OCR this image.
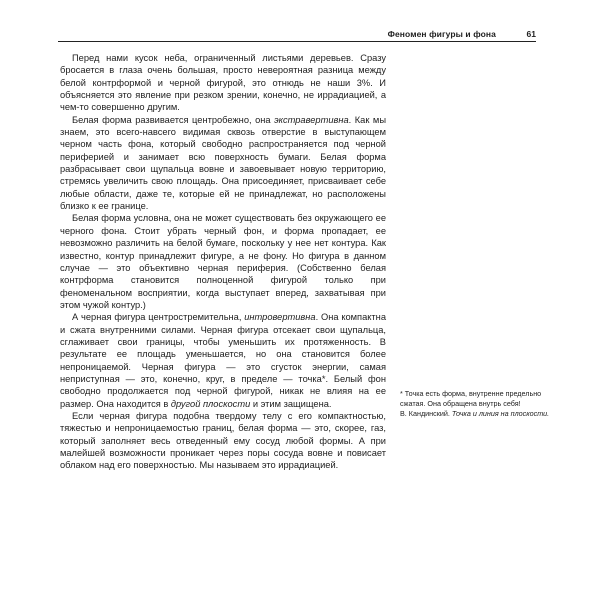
Феномен фигуры и фона	61

Перед нами кусок неба, ограниченный листьями деревьев. Сразу бросается в глаза очень большая, просто невероятная разница между белой контрформой и черной фигурой, это отнюдь не наши 3%. И объясняется это явление при резком зрении, конечно, не иррадиацией, а чем-то совершенно другим.

Белая форма развивается центробежно, она экстравертивна. Как мы знаем, это всего-навсего видимая сквозь отверстие в выступающем черном часть фона, который свободно распространяется под черной периферией и занимает всю поверхность бумаги. Белая форма разбрасывает свои щупальца вовне и завоевывает новую территорию, стремясь увеличить свою площадь. Она присоединяет, присваивает себе любые области, даже те, которые ей не принадлежат, но расположены близко к ее границе.

Белая форма условна, она не может существовать без окружающего ее черного фона. Стоит убрать черный фон, и форма пропадает, ее невозможно различить на белой бумаге, поскольку у нее нет контура. Как известно, контур принадлежит фигуре, а не фону. Но фигура в данном случае — это объективно черная периферия. (Собственно белая контрформа становится полноценной фигурой только при феноменальном восприятии, когда выступает вперед, захватывая при этом чужой контур.)

А черная фигура центростремительна, интровертивна. Она компактна и сжата внутренними силами. Черная фигура отсекает свои щупальца, сглаживает свои границы, чтобы уменьшить их протяженность. В результате ее площадь уменьшается, но она становится более непроницаемой. Черная фигура — это сгусток энергии, самая неприступная — это, конечно, круг, в пределе — точка*. Белый фон свободно продолжается под черной фигурой, никак не влияя на ее размер. Она находится в другой плоскости и этим защищена.

Если черная фигура подобна твердому телу с его компактностью, тяжестью и непроницаемостью границ, белая форма — это, скорее, газ, который заполняет весь отведенный ему сосуд любой формы. А при малейшей возможности проникает через поры сосуда вовне и повисает облаком над его поверхностью. Мы называем это иррадиацией.

* Точка есть форма, внутренне предельно сжатая. Она обращена внутрь себя!

В. Кандинский. Точка и линия на плоскости.
